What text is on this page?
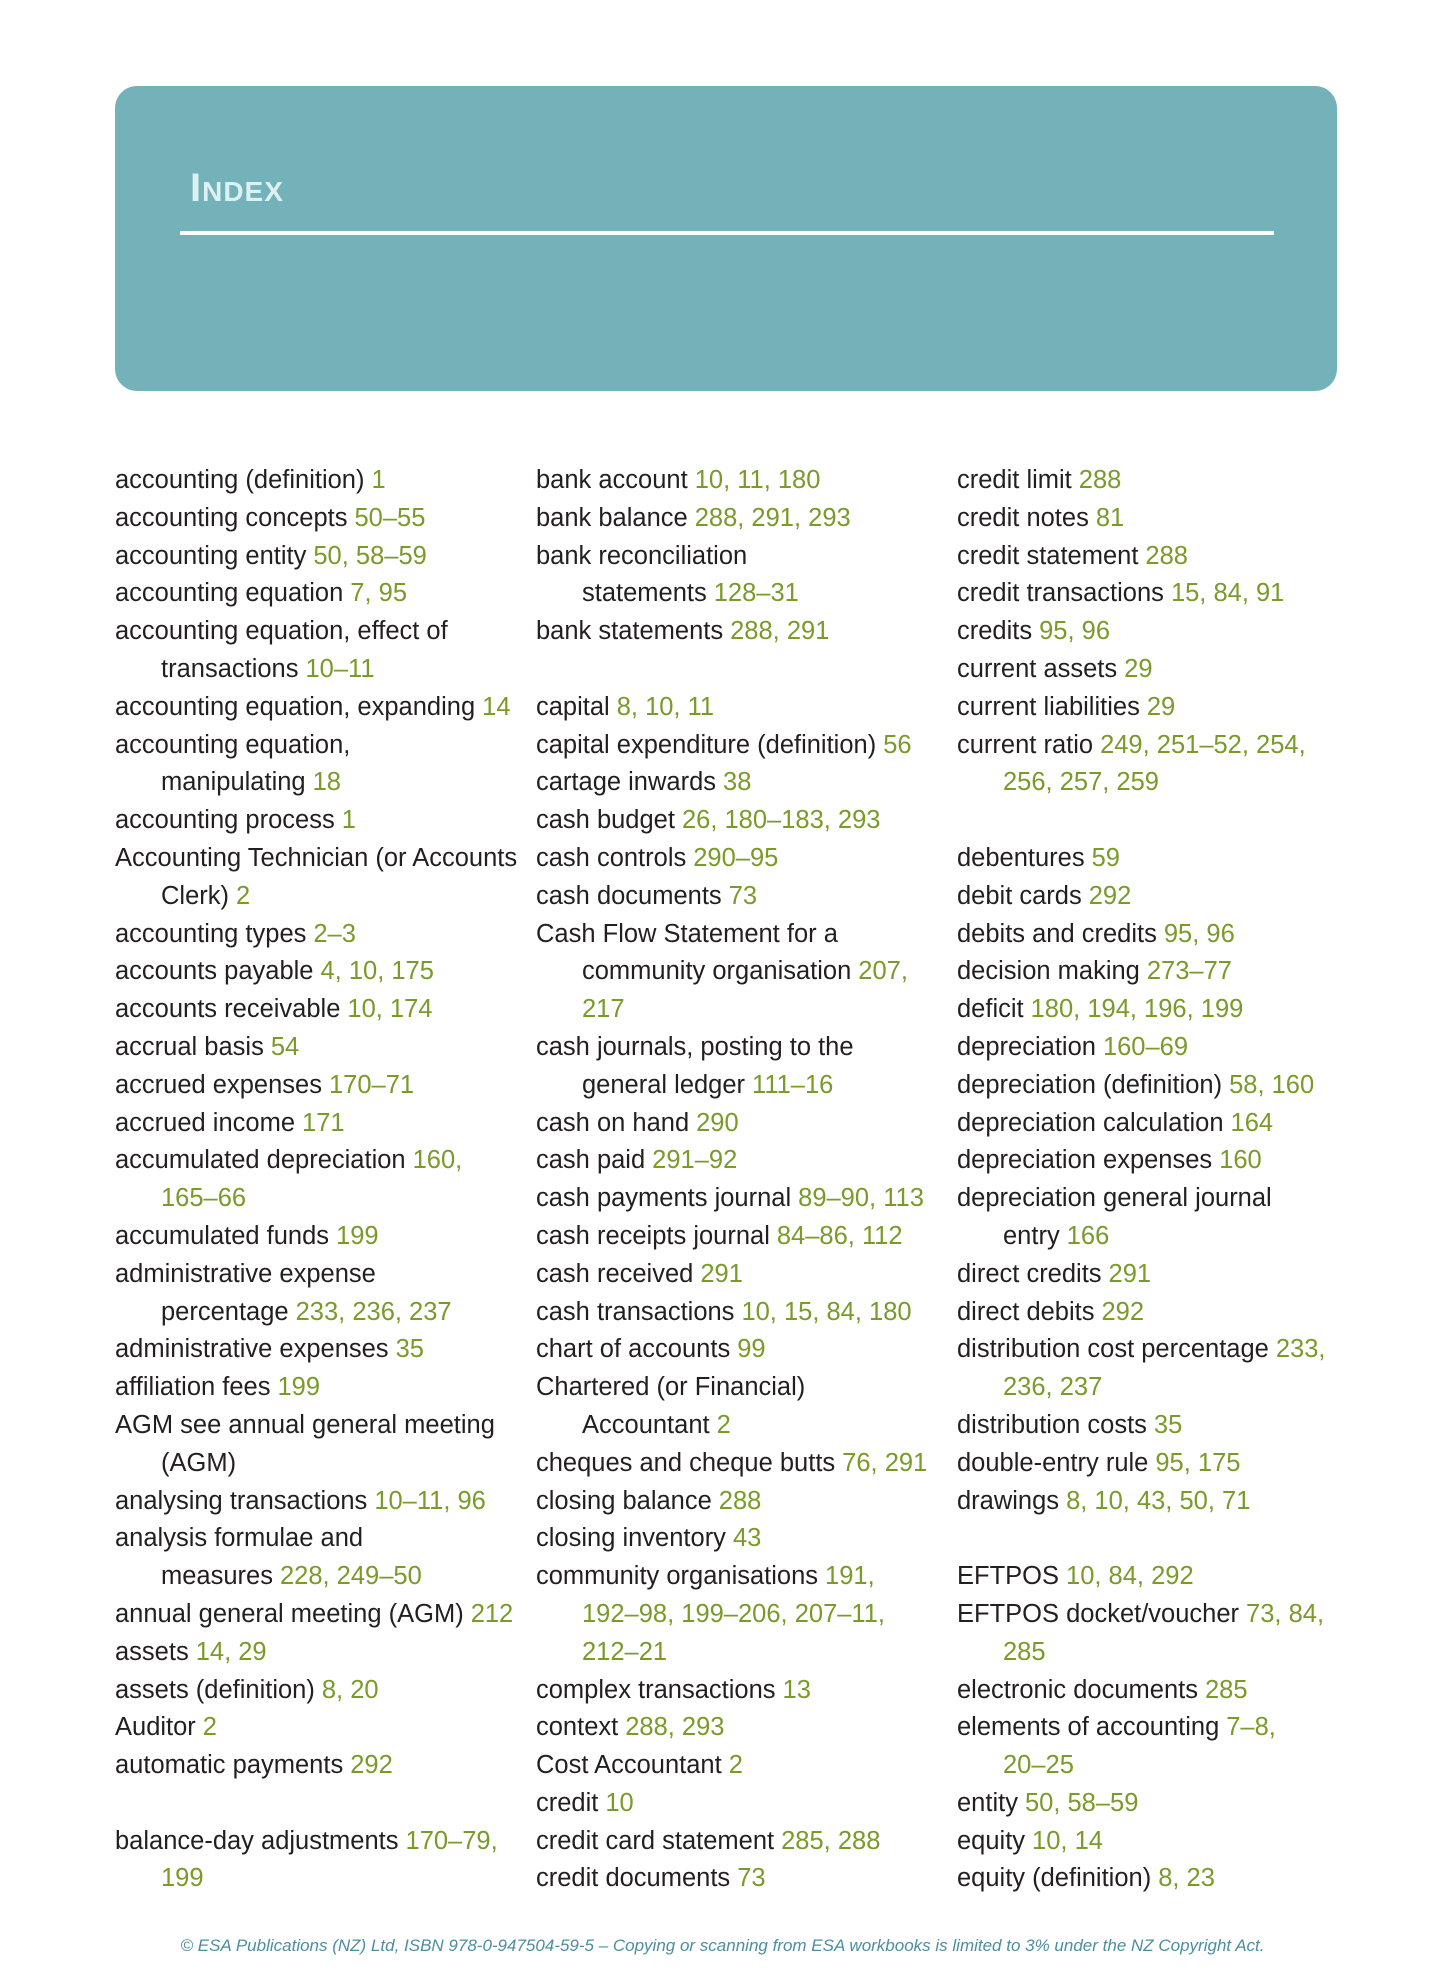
Index
accounting (definition) 1
accounting concepts 50–55
accounting entity 50, 58–59
accounting equation 7, 95
accounting equation, effect of
transactions 10–11
accounting equation, expanding 14
accounting equation,
manipulating 18
accounting process 1
Accounting Technician (or Accounts
Clerk) 2
accounting types 2–3
accounts payable 4, 10, 175
accounts receivable 10, 174
accrual basis 54
accrued expenses 170–71
accrued income 171
accumulated depreciation 160,
165–66
accumulated funds 199
administrative expense
percentage 233, 236, 237
administrative expenses 35
affiliation fees 199
AGM see annual general meeting
(AGM)
analysing transactions 10–11, 96
analysis formulae and
measures 228, 249–50
annual general meeting (AGM) 212
assets 14, 29
assets (definition) 8, 20
Auditor 2
automatic payments 292
balance-day adjustments 170–79,
199
bank account 10, 11, 180
bank balance 288, 291, 293
bank reconciliation
statements 128–31
bank statements 288, 291
capital 8, 10, 11
capital expenditure (definition) 56
cartage inwards 38
cash budget 26, 180–183, 293
cash controls 290–95
cash documents 73
Cash Flow Statement for a
community organisation 207,
217
cash journals, posting to the
general ledger 111–16
cash on hand 290
cash paid 291–92
cash payments journal 89–90, 113
cash receipts journal 84–86, 112
cash received 291
cash transactions 10, 15, 84, 180
chart of accounts 99
Chartered (or Financial)
Accountant 2
cheques and cheque butts 76, 291
closing balance 288
closing inventory 43
community organisations 191,
192–98, 199–206, 207–11,
212–21
complex transactions 13
context 288, 293
Cost Accountant 2
credit 10
credit card statement 285, 288
credit documents 73
credit limit 288
credit notes 81
credit statement 288
credit transactions 15, 84, 91
credits 95, 96
current assets 29
current liabilities 29
current ratio 249, 251–52, 254,
256, 257, 259
debentures 59
debit cards 292
debits and credits 95, 96
decision making 273–77
deficit 180, 194, 196, 199
depreciation 160–69
depreciation (definition) 58, 160
depreciation calculation 164
depreciation expenses 160
depreciation general journal
entry 166
direct credits 291
direct debits 292
distribution cost percentage 233,
236, 237
distribution costs 35
double-entry rule 95, 175
drawings 8, 10, 43, 50, 71
EFTPOS 10, 84, 292
EFTPOS docket/voucher 73, 84,
285
electronic documents 285
elements of accounting 7–8,
20–25
entity 50, 58–59
equity 10, 14
equity (definition) 8, 23
© ESA Publications (NZ) Ltd, ISBN 978-0-947504-59-5 – Copying or scanning from ESA workbooks is limited to 3% under the NZ Copyright Act.
